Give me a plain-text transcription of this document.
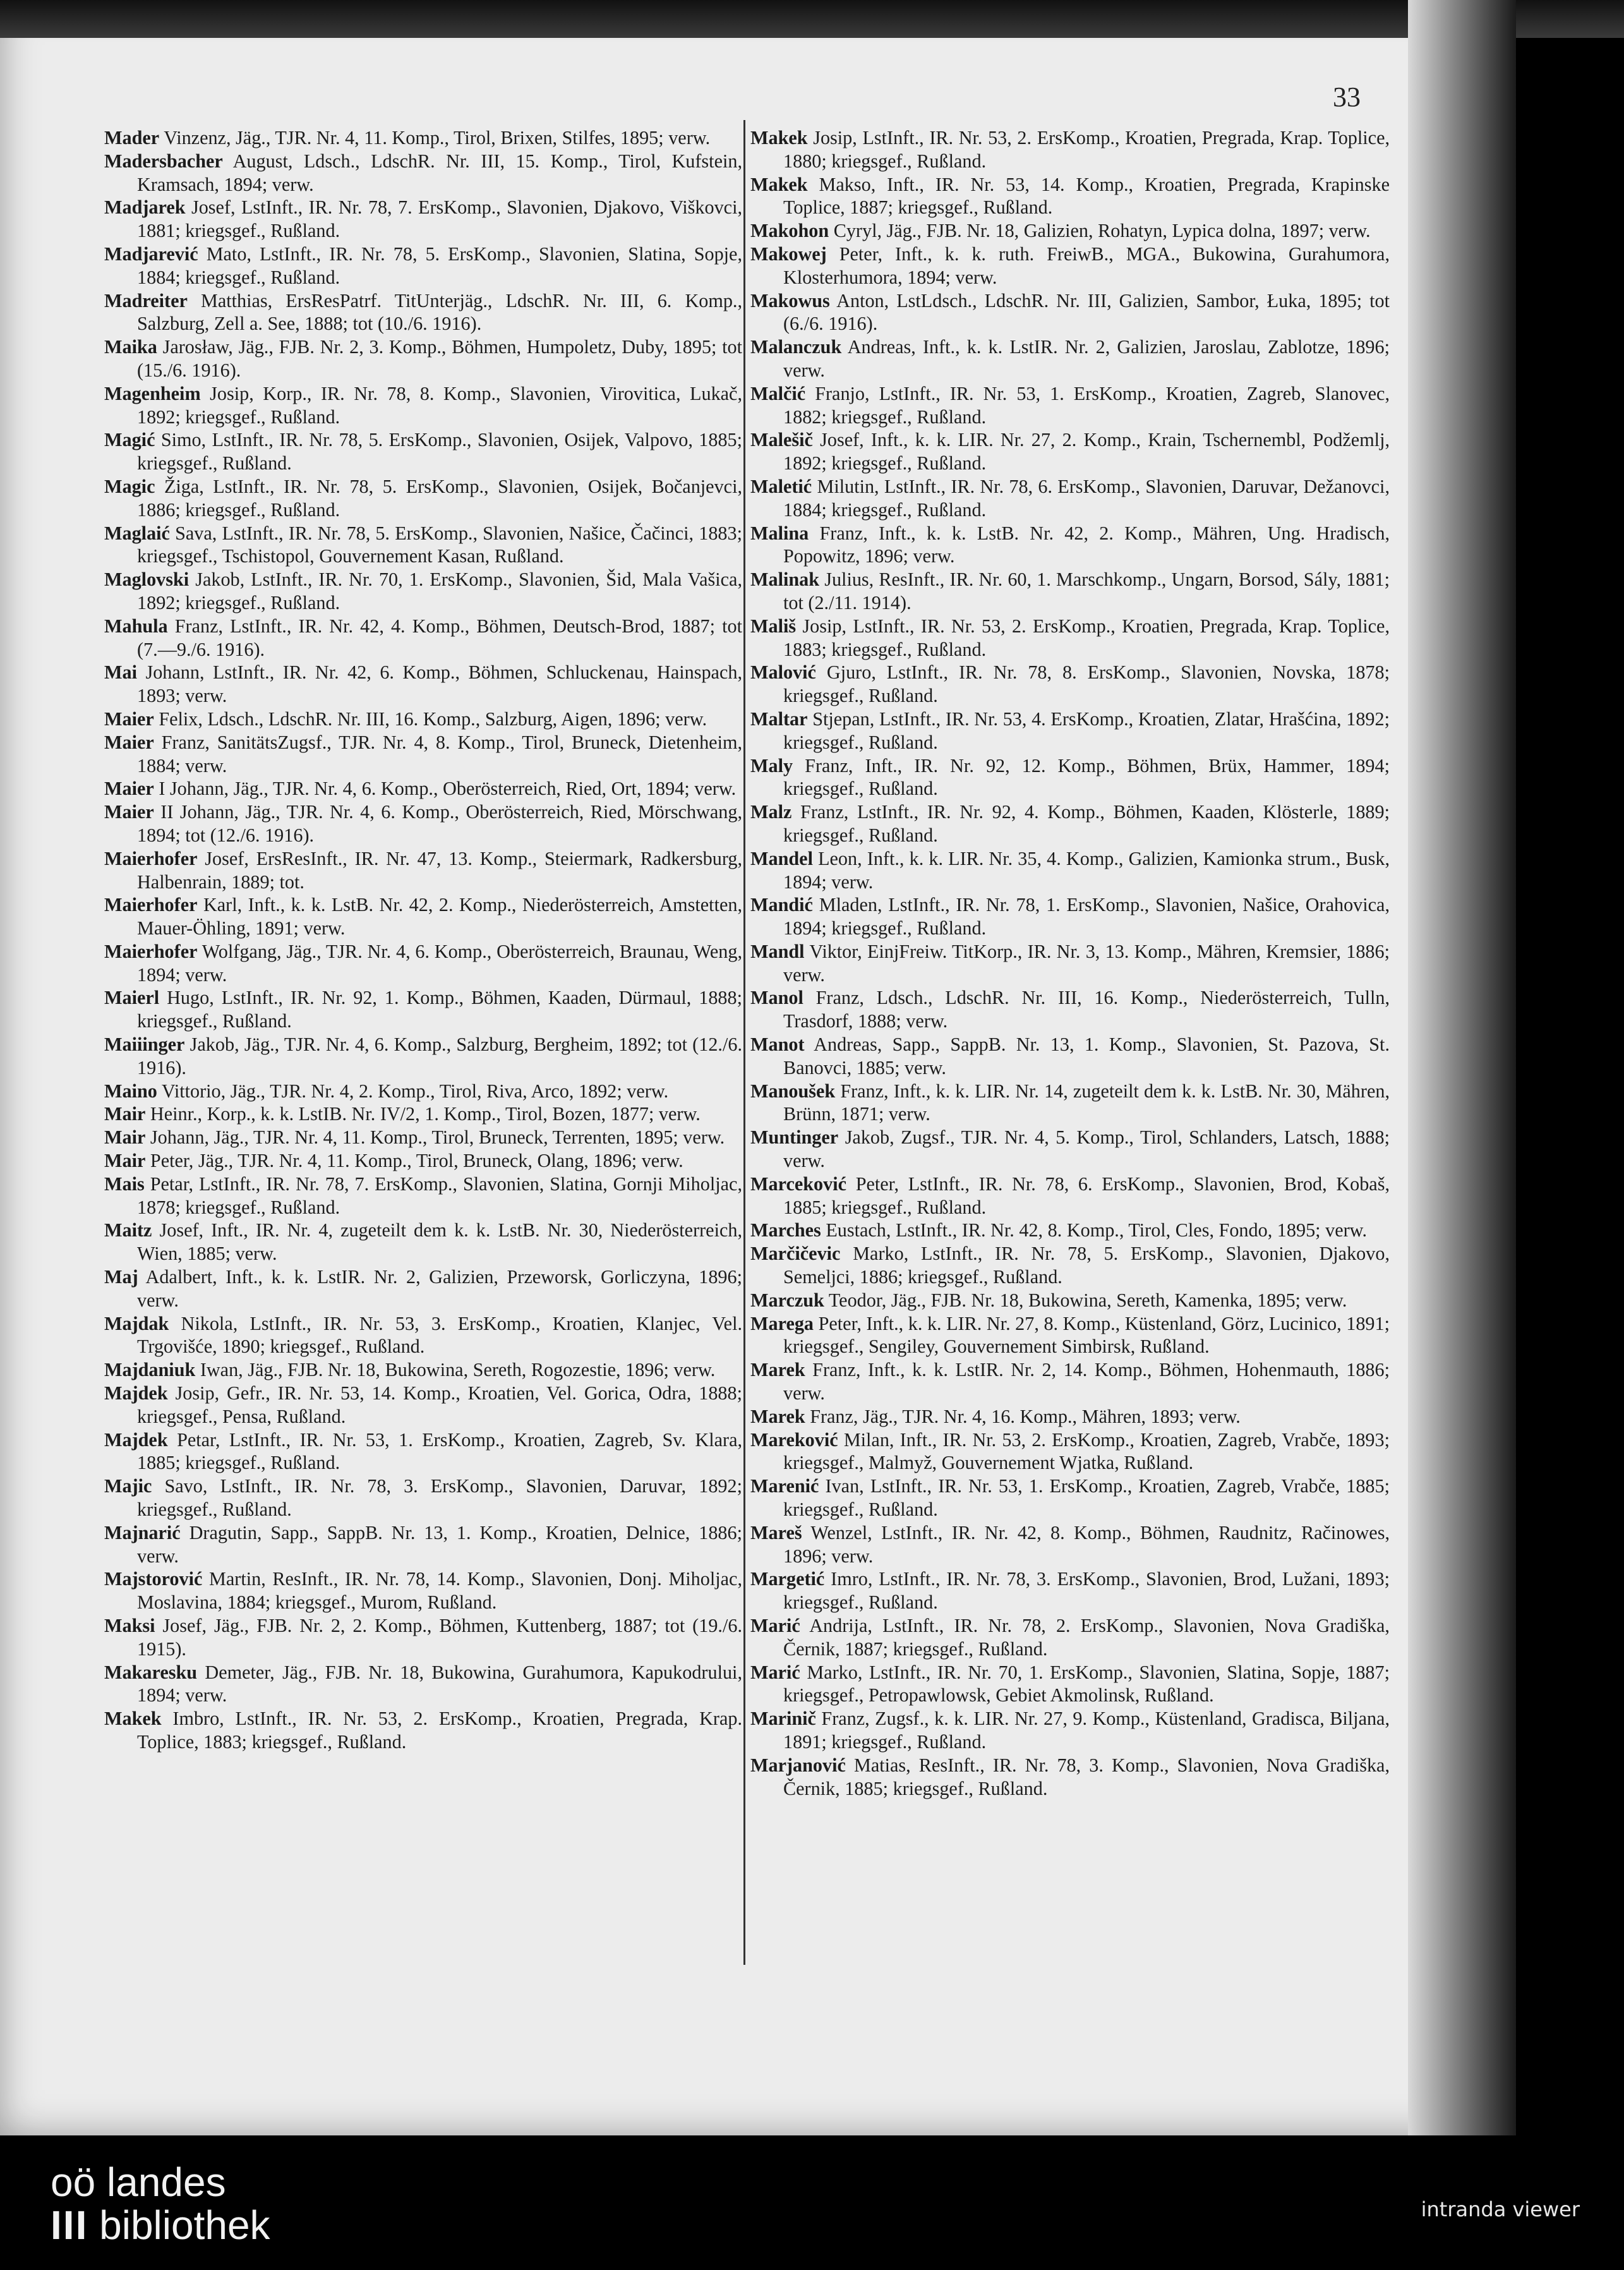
33
Mader Vinzenz, Jäg., TJR. Nr. 4, 11. Komp., Tirol, Brixen, Stilfes, 1895; verw.
Madersbacher August, Ldsch., LdschR. Nr. III, 15. Komp., Tirol, Kufstein, Kramsach, 1894; verw.
Madjarek Josef, LstInft., IR. Nr. 78, 7. ErsKomp., Slavonien, Djakovo, Viškovci, 1881; kriegsgef., Rußland.
Madjarević Mato, LstInft., IR. Nr. 78, 5. ErsKomp., Slavonien, Slatina, Sopje, 1884; kriegsgef., Rußland.
Madreiter Matthias, ErsResPatrf. TitUnterjäg., LdschR. Nr. III, 6. Komp., Salzburg, Zell a. See, 1888; tot (10./6. 1916).
Maika Jarosław, Jäg., FJB. Nr. 2, 3. Komp., Böhmen, Humpoletz, Duby, 1895; tot (15./6. 1916).
Magenheim Josip, Korp., IR. Nr. 78, 8. Komp., Slavonien, Virovitica, Lukač, 1892; kriegsgef., Rußland.
Magić Simo, LstInft., IR. Nr. 78, 5. ErsKomp., Slavonien, Osijek, Valpovo, 1885; kriegsgef., Rußland.
Magic Žiga, LstInft., IR. Nr. 78, 5. ErsKomp., Slavonien, Osijek, Bočanjevci, 1886; kriegsgef., Rußland.
Maglaić Sava, LstInft., IR. Nr. 78, 5. ErsKomp., Slavonien, Našice, Čačinci, 1883; kriegsgef., Tschistopol, Gouvernement Kasan, Rußland.
Maglovski Jakob, LstInft., IR. Nr. 70, 1. ErsKomp., Slavonien, Šid, Mala Vašica, 1892; kriegsgef., Rußland.
Mahula Franz, LstInft., IR. Nr. 42, 4. Komp., Böhmen, Deutsch-Brod, 1887; tot (7.—9./6. 1916).
Mai Johann, LstInft., IR. Nr. 42, 6. Komp., Böhmen, Schluckenau, Hainspach, 1893; verw.
Maier Felix, Ldsch., LdschR. Nr. III, 16. Komp., Salzburg, Aigen, 1896; verw.
Maier Franz, SanitätsZugsf., TJR. Nr. 4, 8. Komp., Tirol, Bruneck, Dietenheim, 1884; verw.
Maier I Johann, Jäg., TJR. Nr. 4, 6. Komp., Oberösterreich, Ried, Ort, 1894; verw.
Maier II Johann, Jäg., TJR. Nr. 4, 6. Komp., Oberösterreich, Ried, Mörschwang, 1894; tot (12./6. 1916).
Maierhofer Josef, ErsResInft., IR. Nr. 47, 13. Komp., Steiermark, Radkersburg, Halbenrain, 1889; tot.
Maierhofer Karl, Inft., k. k. LstB. Nr. 42, 2. Komp., Niederösterreich, Amstetten, Mauer-Öhling, 1891; verw.
Maierhofer Wolfgang, Jäg., TJR. Nr. 4, 6. Komp., Oberösterreich, Braunau, Weng, 1894; verw.
Maierl Hugo, LstInft., IR. Nr. 92, 1. Komp., Böhmen, Kaaden, Dürmaul, 1888; kriegsgef., Rußland.
Maiiinger Jakob, Jäg., TJR. Nr. 4, 6. Komp., Salzburg, Bergheim, 1892; tot (12./6. 1916).
Maino Vittorio, Jäg., TJR. Nr. 4, 2. Komp., Tirol, Riva, Arco, 1892; verw.
Mair Heinr., Korp., k. k. LstIB. Nr. IV/2, 1. Komp., Tirol, Bozen, 1877; verw.
Mair Johann, Jäg., TJR. Nr. 4, 11. Komp., Tirol, Bruneck, Terrenten, 1895; verw.
Mair Peter, Jäg., TJR. Nr. 4, 11. Komp., Tirol, Bruneck, Olang, 1896; verw.
Mais Petar, LstInft., IR. Nr. 78, 7. ErsKomp., Slavonien, Slatina, Gornji Miholjac, 1878; kriegsgef., Rußland.
Maitz Josef, Inft., IR. Nr. 4, zugeteilt dem k. k. LstB. Nr. 30, Niederösterreich, Wien, 1885; verw.
Maj Adalbert, Inft., k. k. LstIR. Nr. 2, Galizien, Przeworsk, Gorliczyna, 1896; verw.
Majdak Nikola, LstInft., IR. Nr. 53, 3. ErsKomp., Kroatien, Klanjec, Vel. Trgovišće, 1890; kriegsgef., Rußland.
Majdaniuk Iwan, Jäg., FJB. Nr. 18, Bukowina, Sereth, Rogozestie, 1896; verw.
Majdek Josip, Gefr., IR. Nr. 53, 14. Komp., Kroatien, Vel. Gorica, Odra, 1888; kriegsgef., Pensa, Rußland.
Majdek Petar, LstInft., IR. Nr. 53, 1. ErsKomp., Kroatien, Zagreb, Sv. Klara, 1885; kriegsgef., Rußland.
Majic Savo, LstInft., IR. Nr. 78, 3. ErsKomp., Slavonien, Daruvar, 1892; kriegsgef., Rußland.
Majnarić Dragutin, Sapp., SappB. Nr. 13, 1. Komp., Kroatien, Delnice, 1886; verw.
Majstorović Martin, ResInft., IR. Nr. 78, 14. Komp., Slavonien, Donj. Miholjac, Moslavina, 1884; kriegsgef., Murom, Rußland.
Maksi Josef, Jäg., FJB. Nr. 2, 2. Komp., Böhmen, Kuttenberg, 1887; tot (19./6. 1915).
Makaresku Demeter, Jäg., FJB. Nr. 18, Bukowina, Gurahumora, Kapukodrului, 1894; verw.
Makek Imbro, LstInft., IR. Nr. 53, 2. ErsKomp., Kroatien, Pregrada, Krap. Toplice, 1883; kriegsgef., Rußland.
Makek Josip, LstInft., IR. Nr. 53, 2. ErsKomp., Kroatien, Pregrada, Krap. Toplice, 1880; kriegsgef., Rußland.
Makek Makso, Inft., IR. Nr. 53, 14. Komp., Kroatien, Pregrada, Krapinske Toplice, 1887; kriegsgef., Rußland.
Makohon Cyryl, Jäg., FJB. Nr. 18, Galizien, Rohatyn, Lypica dolna, 1897; verw.
Makowej Peter, Inft., k. k. ruth. FreiwB., MGA., Bukowina, Gurahumora, Klosterhumora, 1894; verw.
Makowus Anton, LstLdsch., LdschR. Nr. III, Galizien, Sambor, Łuka, 1895; tot (6./6. 1916).
Malanczuk Andreas, Inft., k. k. LstIR. Nr. 2, Galizien, Jaroslau, Zablotze, 1896; verw.
Malčić Franjo, LstInft., IR. Nr. 53, 1. ErsKomp., Kroatien, Zagreb, Slanovec, 1882; kriegsgef., Rußland.
Malešič Josef, Inft., k. k. LIR. Nr. 27, 2. Komp., Krain, Tschernembl, Podžemlj, 1892; kriegsgef., Rußland.
Maletić Milutin, LstInft., IR. Nr. 78, 6. ErsKomp., Slavonien, Daruvar, Dežanovci, 1884; kriegsgef., Rußland.
Malina Franz, Inft., k. k. LstB. Nr. 42, 2. Komp., Mähren, Ung. Hradisch, Popowitz, 1896; verw.
Malinak Julius, ResInft., IR. Nr. 60, 1. Marschkomp., Ungarn, Borsod, Sály, 1881; tot (2./11. 1914).
Mališ Josip, LstInft., IR. Nr. 53, 2. ErsKomp., Kroatien, Pregrada, Krap. Toplice, 1883; kriegsgef., Rußland.
Malović Gjuro, LstInft., IR. Nr. 78, 8. ErsKomp., Slavonien, Novska, 1878; kriegsgef., Rußland.
Maltar Stjepan, LstInft., IR. Nr. 53, 4. ErsKomp., Kroatien, Zlatar, Hrašćina, 1892; kriegsgef., Rußland.
Maly Franz, Inft., IR. Nr. 92, 12. Komp., Böhmen, Brüx, Hammer, 1894; kriegsgef., Rußland.
Malz Franz, LstInft., IR. Nr. 92, 4. Komp., Böhmen, Kaaden, Klösterle, 1889; kriegsgef., Rußland.
Mandel Leon, Inft., k. k. LIR. Nr. 35, 4. Komp., Galizien, Kamionka strum., Busk, 1894; verw.
Mandić Mladen, LstInft., IR. Nr. 78, 1. ErsKomp., Slavonien, Našice, Orahovica, 1894; kriegsgef., Rußland.
Mandl Viktor, EinjFreiw. TitKorp., IR. Nr. 3, 13. Komp., Mähren, Kremsier, 1886; verw.
Manol Franz, Ldsch., LdschR. Nr. III, 16. Komp., Niederösterreich, Tulln, Trasdorf, 1888; verw.
Manot Andreas, Sapp., SappB. Nr. 13, 1. Komp., Slavonien, St. Pazova, St. Banovci, 1885; verw.
Manoušek Franz, Inft., k. k. LIR. Nr. 14, zugeteilt dem k. k. LstB. Nr. 30, Mähren, Brünn, 1871; verw.
Muntinger Jakob, Zugsf., TJR. Nr. 4, 5. Komp., Tirol, Schlanders, Latsch, 1888; verw.
Marceković Peter, LstInft., IR. Nr. 78, 6. ErsKomp., Slavonien, Brod, Kobaš, 1885; kriegsgef., Rußland.
Marches Eustach, LstInft., IR. Nr. 42, 8. Komp., Tirol, Cles, Fondo, 1895; verw.
Marčičevic Marko, LstInft., IR. Nr. 78, 5. ErsKomp., Slavonien, Djakovo, Semeljci, 1886; kriegsgef., Rußland.
Marczuk Teodor, Jäg., FJB. Nr. 18, Bukowina, Sereth, Kamenka, 1895; verw.
Marega Peter, Inft., k. k. LIR. Nr. 27, 8. Komp., Küstenland, Görz, Lucinico, 1891; kriegsgef., Sengiley, Gouvernement Simbirsk, Rußland.
Marek Franz, Inft., k. k. LstIR. Nr. 2, 14. Komp., Böhmen, Hohenmauth, 1886; verw.
Marek Franz, Jäg., TJR. Nr. 4, 16. Komp., Mähren, 1893; verw.
Mareković Milan, Inft., IR. Nr. 53, 2. ErsKomp., Kroatien, Zagreb, Vrabče, 1893; kriegsgef., Malmyž, Gouvernement Wjatka, Rußland.
Marenić Ivan, LstInft., IR. Nr. 53, 1. ErsKomp., Kroatien, Zagreb, Vrabče, 1885; kriegsgef., Rußland.
Mareš Wenzel, LstInft., IR. Nr. 42, 8. Komp., Böhmen, Raudnitz, Račinowes, 1896; verw.
Margetić Imro, LstInft., IR. Nr. 78, 3. ErsKomp., Slavonien, Brod, Lužani, 1893; kriegsgef., Rußland.
Marić Andrija, LstInft., IR. Nr. 78, 2. ErsKomp., Slavonien, Nova Gradiška, Černik, 1887; kriegsgef., Rußland.
Marić Marko, LstInft., IR. Nr. 70, 1. ErsKomp., Slavonien, Slatina, Sopje, 1887; kriegsgef., Petropawlowsk, Gebiet Akmolinsk, Rußland.
Marinič Franz, Zugsf., k. k. LIR. Nr. 27, 9. Komp., Küstenland, Gradisca, Biljana, 1891; kriegsgef., Rußland.
Marjanović Matias, ResInft., IR. Nr. 78, 3. Komp., Slavonien, Nova Gradiška, Černik, 1885; kriegsgef., Rußland.
oö landes
III bibliothek	intranda viewer
